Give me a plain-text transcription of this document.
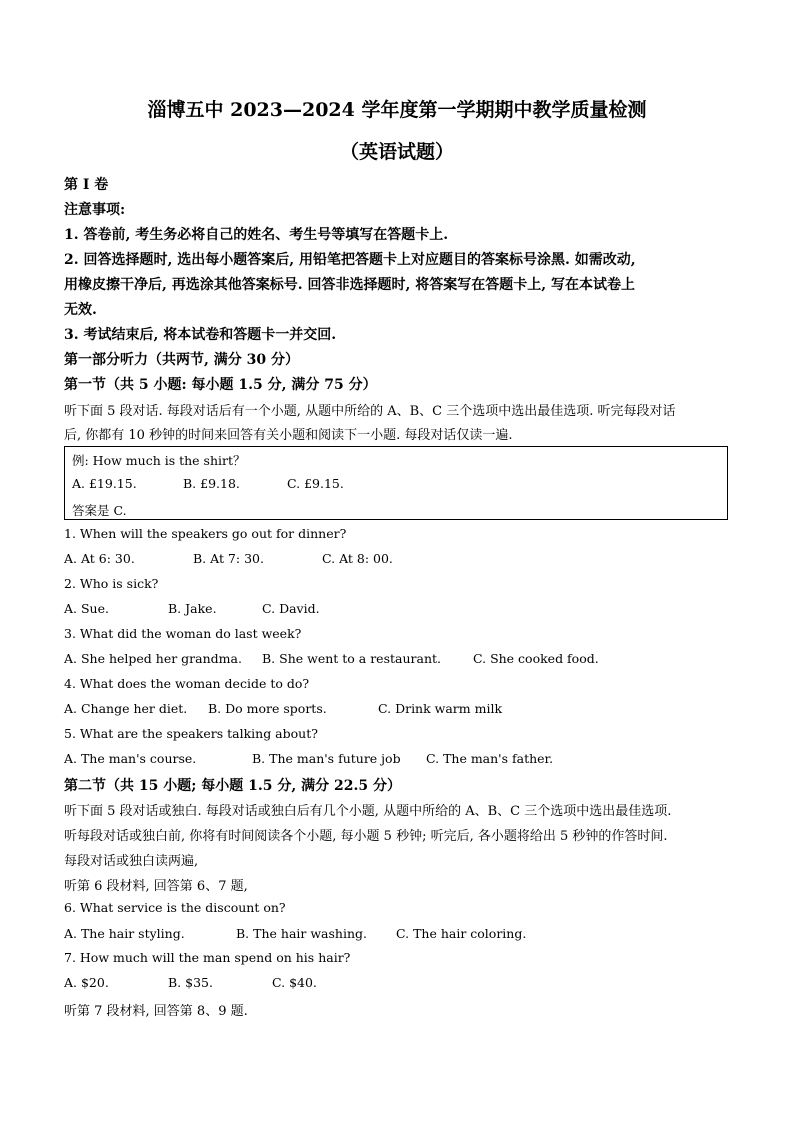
淄博五中 2023—2024 学年度第一学期期中教学质量检测
（英语试题）
第 I 卷
注意事项:
1. 答卷前, 考生务必将自己的姓名、考生号等填写在答题卡上.
2. 回答选择题时, 选出每小题答案后, 用铅笔把答题卡上对应题目的答案标号涂黑. 如需改动,
用橡皮擦干净后, 再选涂其他答案标号. 回答非选择题时, 将答案写在答题卡上, 写在本试卷上
无效.
3. 考试结束后, 将本试卷和答题卡一并交回.
第一部分听力（共两节, 满分 30 分）
第一节（共 5 小题: 每小题 1.5 分, 满分 75 分）
听下面 5 段对话. 每段对话后有一个小题, 从题中所给的 A、B、C 三个选项中选出最佳选项. 听完每段对话
后, 你都有 10 秒钟的时间来回答有关小题和阅读下一小题. 每段对话仅读一遍.
例: How much is the shirt？
A. £19.15.	B. £9.18.	C. £9.15.
答案是 C.
1. When will the speakers go out for dinner?
A. At 6: 30.	B. At 7: 30.	C. At 8: 00.
2. Who is sick?
A. Sue.	B. Jake.	C. David.
3. What did the woman do last week?
A. She helped her grandma. B. She went to a restaurant.	C. She cooked food.
4. What does the woman decide to do?
A. Change her diet. B. Do more sports.	C. Drink warm milk
5. What are the speakers talking about?
A. The man's course.	B. The man's future job C. The man's father.
第二节（共 15 小题; 每小题 1.5 分, 满分 22.5 分）
听下面 5 段对话或独白. 每段对话或独白后有几个小题, 从题中所给的 A、B、C 三个选项中选出最佳选项.
听每段对话或独白前, 你将有时间阅读各个小题, 每小题 5 秒钟; 听完后, 各小题将给出 5 秒钟的作答时间.
每段对话或独白读两遍,
听第 6 段材料, 回答第 6、7 题,
6. What service is the discount on?
A. The hair styling.	B. The hair washing. C. The hair coloring.
7. How much will the man spend on his hair?
A. $20.	B. $35.	C. $40.
听第 7 段材料, 回答第 8、9 题.
